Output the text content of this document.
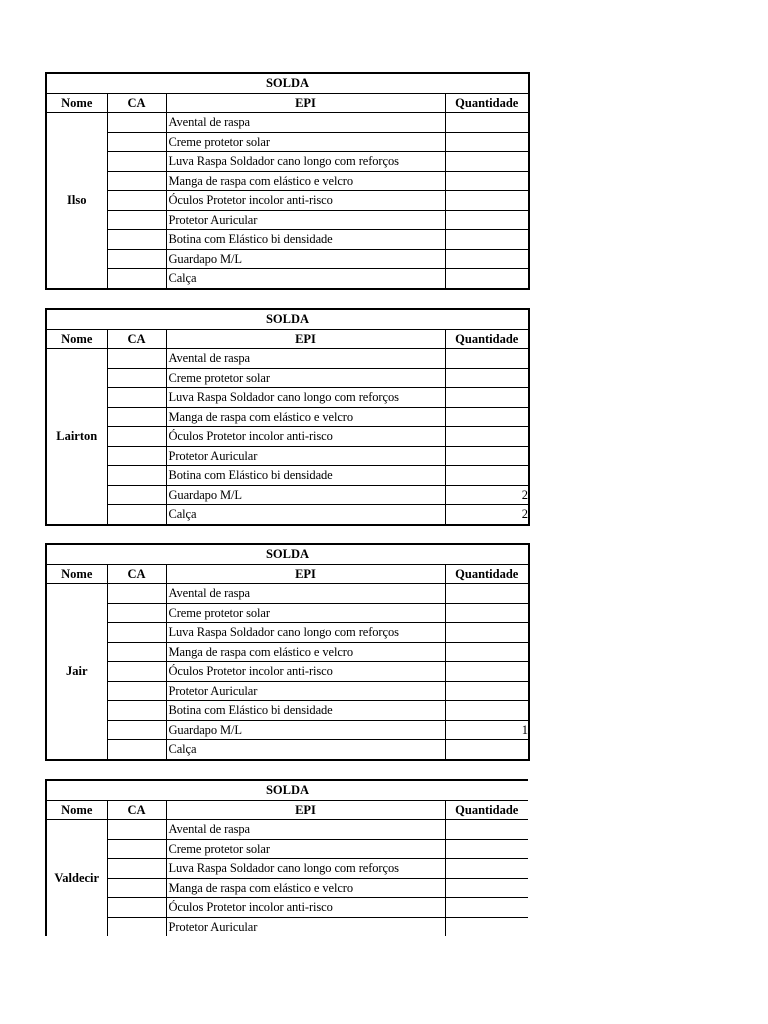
SOLDA			
Nome	CA	EPI	Quantidade
Ilso		Avental de raspa	
		Creme protetor solar	
		Luva Raspa Soldador cano longo com reforços	
		Manga de raspa com elástico e velcro	
		Óculos Protetor incolor anti-risco	
		Protetor Auricular	
		Botina com Elástico bi densidade	
		Guardapo M/L	
		Calça	
SOLDA			
Nome	CA	EPI	Quantidade
Lairton		Avental de raspa	
		Creme protetor solar	
		Luva Raspa Soldador cano longo com reforços	
		Manga de raspa com elástico e velcro	
		Óculos Protetor incolor anti-risco	
		Protetor Auricular	
		Botina com Elástico bi densidade	
		Guardapo M/L	2
		Calça	2
SOLDA			
Nome	CA	EPI	Quantidade
Jair		Avental de raspa	
		Creme protetor solar	
		Luva Raspa Soldador cano longo com reforços	
		Manga de raspa com elástico e velcro	
		Óculos Protetor incolor anti-risco	
		Protetor Auricular	
		Botina com Elástico bi densidade	
		Guardapo M/L	1
		Calça	
SOLDA			
Nome	CA	EPI	Quantidade
Valdecir		Avental de raspa	
		Creme protetor solar	
		Luva Raspa Soldador cano longo com reforços	
		Manga de raspa com elástico e velcro	
		Óculos Protetor incolor anti-risco	
		Protetor Auricular	
